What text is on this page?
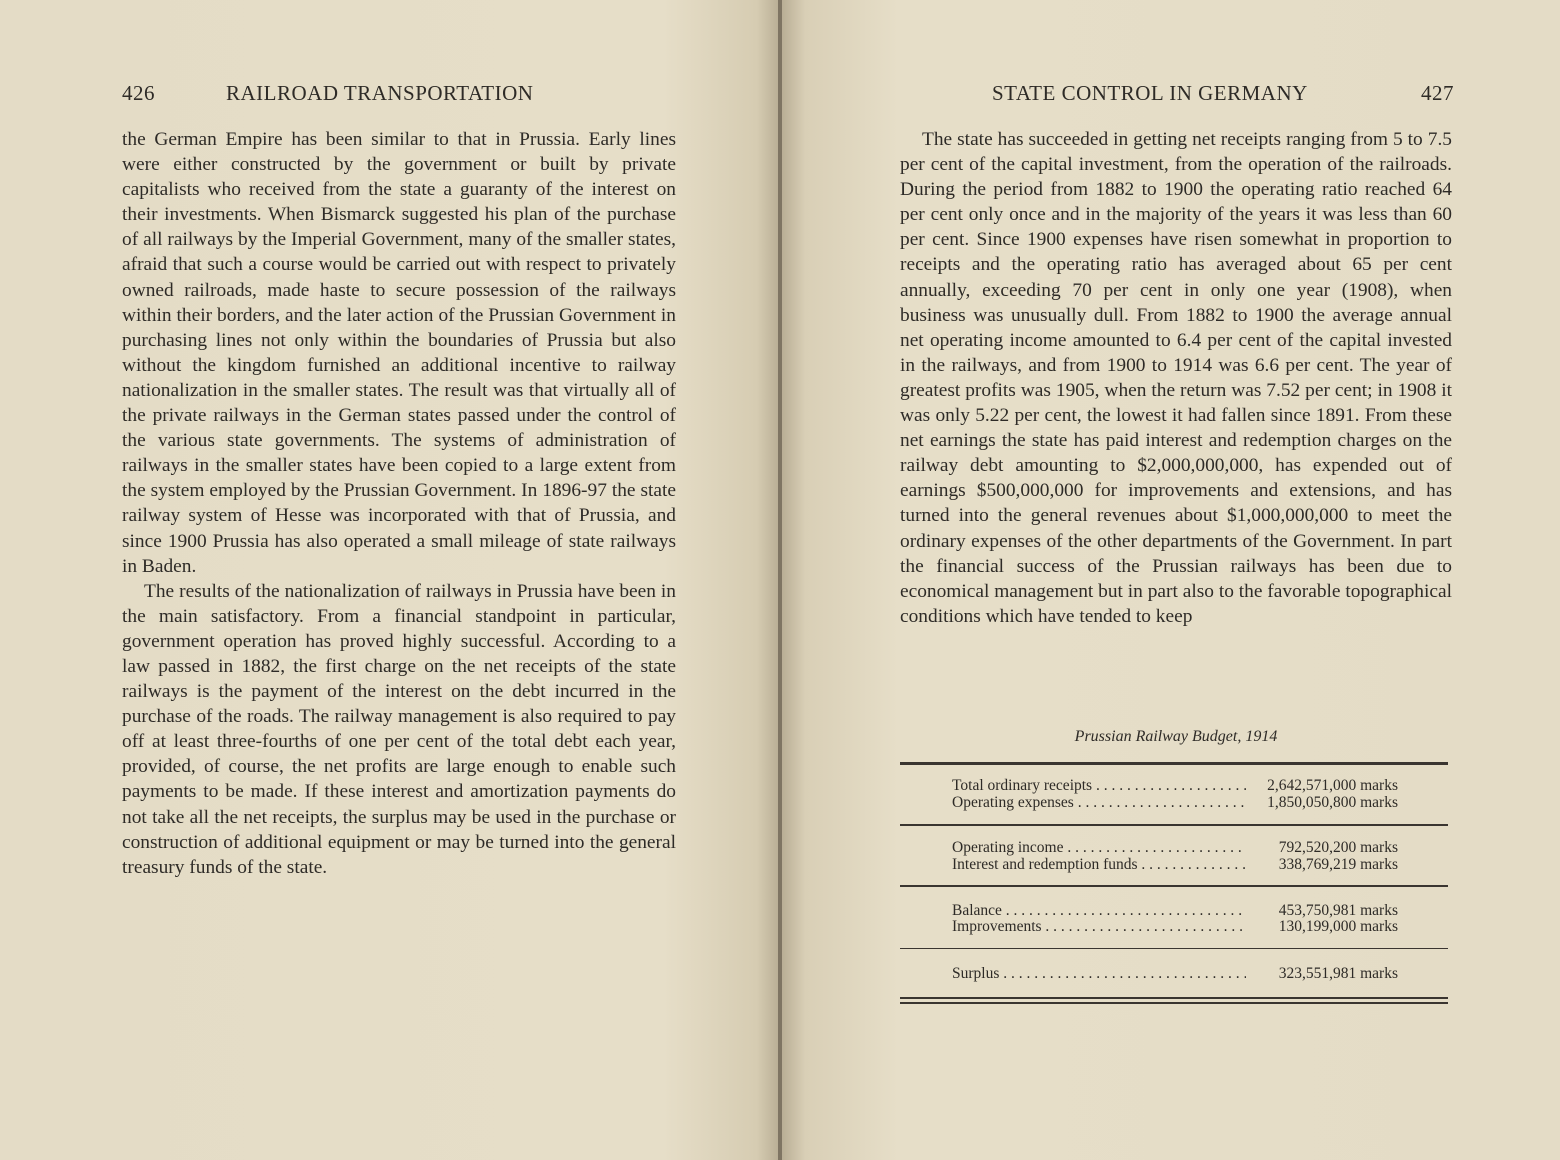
426	RAILROAD TRANSPORTATION

the German Empire has been similar to that in Prussia. Early lines were either constructed by the government or built by private capitalists who received from the state a guaranty of the interest on their investments. When Bismarck suggested his plan of the purchase of all railways by the Imperial Government, many of the smaller states, afraid that such a course would be carried out with respect to privately owned railroads, made haste to secure possession of the railways within their borders, and the later action of the Prussian Government in purchasing lines not only within the boundaries of Prussia but also without the kingdom furnished an additional incentive to railway nationalization in the smaller states. The result was that virtually all of the private railways in the German states passed under the control of the various state governments. The systems of administration of railways in the smaller states have been copied to a large extent from the system employed by the Prussian Government. In 1896-97 the state railway system of Hesse was incorporated with that of Prussia, and since 1900 Prussia has also operated a small mileage of state railways in Baden.

The results of the nationalization of railways in Prussia have been in the main satisfactory. From a financial standpoint in particular, government operation has proved highly successful. According to a law passed in 1882, the first charge on the net receipts of the state railways is the payment of the interest on the debt incurred in the purchase of the roads. The railway management is also required to pay off at least three-fourths of one per cent of the total debt each year, provided, of course, the net profits are large enough to enable such payments to be made. If these interest and amortization payments do not take all the net receipts, the surplus may be used in the purchase or construction of additional equipment or may be turned into the general treasury funds of the state.

STATE CONTROL IN GERMANY	427

The state has succeeded in getting net receipts ranging from 5 to 7.5 per cent of the capital investment, from the operation of the railroads. During the period from 1882 to 1900 the operating ratio reached 64 per cent only once and in the majority of the years it was less than 60 per cent. Since 1900 expenses have risen somewhat in proportion to receipts and the operating ratio has averaged about 65 per cent annually, exceeding 70 per cent in only one year (1908), when business was unusually dull. From 1882 to 1900 the average annual net operating income amounted to 6.4 per cent of the capital invested in the railways, and from 1900 to 1914 was 6.6 per cent. The year of greatest profits was 1905, when the return was 7.52 per cent; in 1908 it was only 5.22 per cent, the lowest it had fallen since 1891. From these net earnings the state has paid interest and redemption charges on the railway debt amounting to $2,000,000,000, has expended out of earnings $500,000,000 for improvements and extensions, and has turned into the general revenues about $1,000,000,000 to meet the ordinary expenses of the other departments of the Government. In part the financial success of the Prussian railways has been due to economical management but in part also to the favorable topographical conditions which have tended to keep

Prussian Railway Budget, 1914
Total ordinary receipts . . .	2,642,571,000 marks
Operating expenses . . .	1,850,050,800 marks
Operating income . . .	792,520,200 marks
Interest and redemption funds . . .	338,769,219 marks
Balance . . .	453,750,981 marks
Improvements . . .	130,199,000 marks
Surplus . . .	323,551,981 marks
